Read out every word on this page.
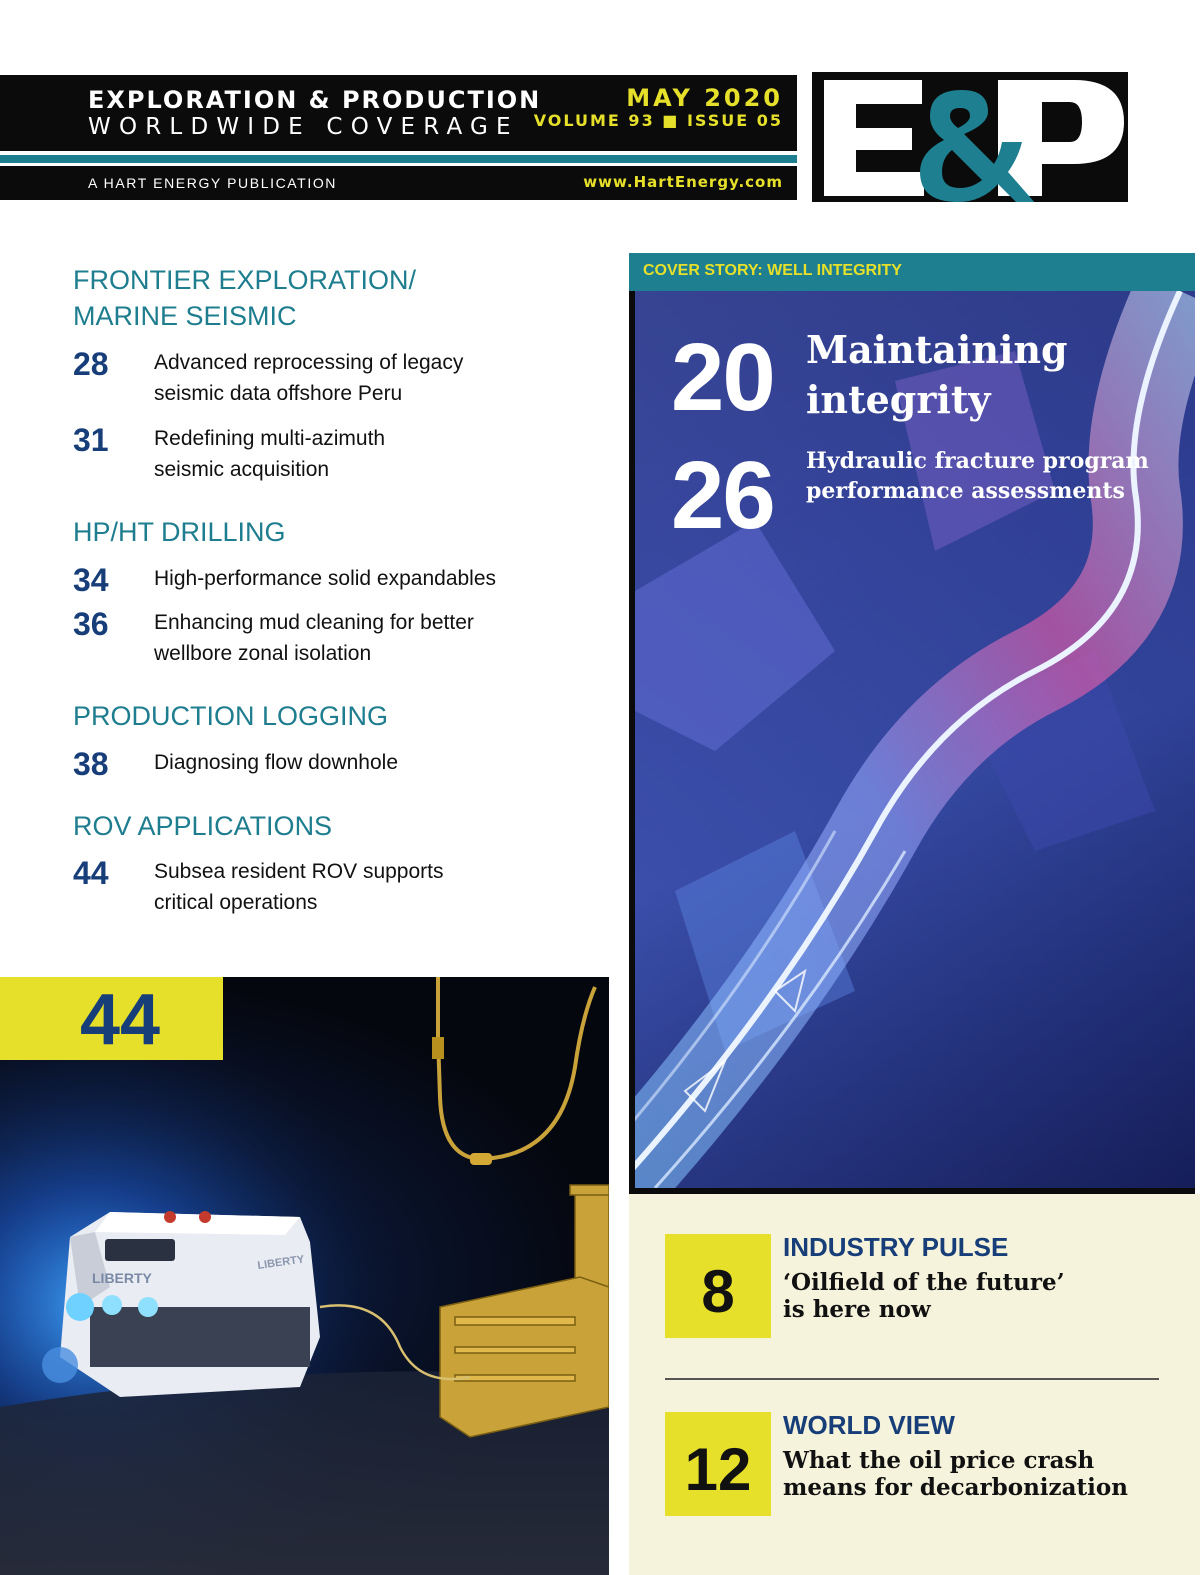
EXPLORATION & PRODUCTION
WORLDWIDE COVERAGE
MAY 2020
VOLUME 93 ■ ISSUE 05
A HART ENERGY PUBLICATION	www.HartEnergy.com
FRONTIER EXPLORATION/
MARINE SEISMIC
28 Advanced reprocessing of legacy
seismic data offshore Peru
31 Redefining multi-azimuth
seismic acquisition
HP/HT DRILLING
34 High-performance solid expandables
36 Enhancing mud cleaning for better
wellbore zonal isolation
PRODUCTION LOGGING
38 Diagnosing flow downhole
ROV APPLICATIONS
44 Subsea resident ROV supports
critical operations
LIBERTY
LIBERTY
44
COVER STORY: WELL INTEGRITY
20 Maintaining
integrity
26 Hydraulic fracture program
performance assessments
8
INDUSTRY PULSE
‘Oilfield of the future’
is here now
12
WORLD VIEW
What the oil price crash
means for decarbonization
